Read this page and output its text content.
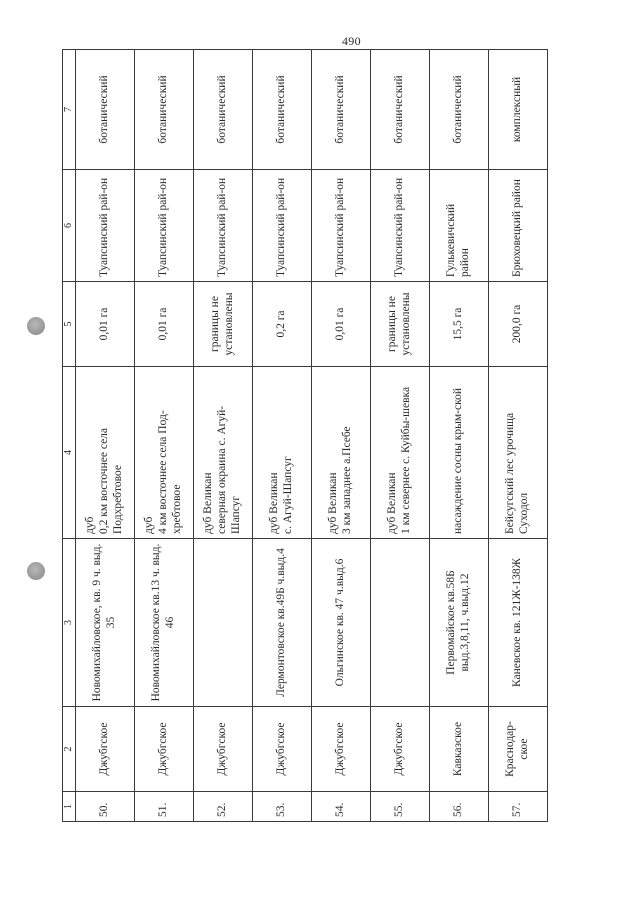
490
1	2	3	4	5	6	7
50.	Джубгское	Новомихайловское, кв. 9 ч. выд. 35	дуб 0,2 км восточнее села Подхребтовое	0,01 га	Туапсинский рай-он	ботанический
51.	Джубгское	Новомихайловское кв.13 ч. выд. 46	дуб 4 км восточнее села Под-хребтовое	0,01 га	Туапсинский рай-он	ботанический
52.	Джубгское		дуб Великан северная окраина с. Агуй-Шапсуг	границы не установлены	Туапсинский рай-он	ботанический
53.	Джубгское	Лермонтовское кв.49Б ч.выд.4	дуб Великан с. Агуй-Шапсуг	0,2 га	Туапсинский рай-он	ботанический
54.	Джубгское	Ольгинское кв. 47 ч.выд.6	дуб Великан 3 км западнее а.Псебе	0,01 га	Туапсинский рай-он	ботанический
55.	Джубгское		дуб Великан 1 км севернее с. Куйбы-шевка	границы не установлены	Туапсинский рай-он	ботанический
56.	Кавказское	Первомайское кв.58Б выд.3,8,11, ч.выд.12	насаждение сосны крым-ской	15,5 га	Гулькевичский район	ботанический
57.	Краснодар-ское	Каневское кв. 121Ж-138Ж	Бейсугский лес урочища Суходол	200,0 га	Брюховецкий район	комплексный
